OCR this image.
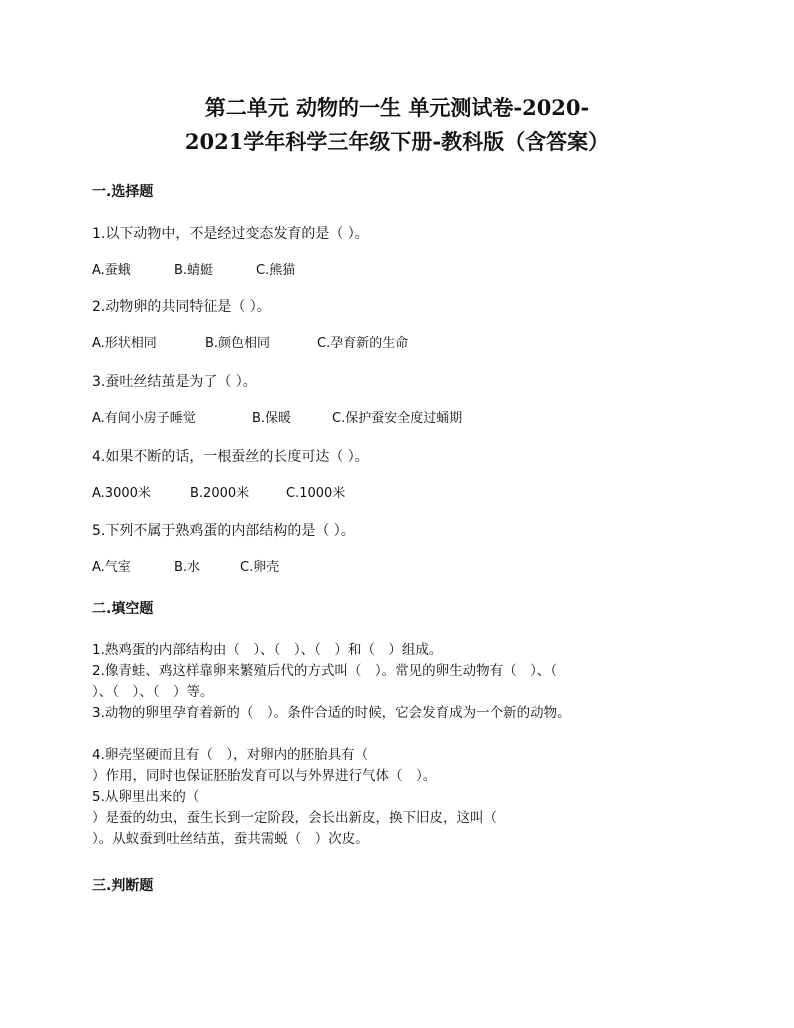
第二单元 动物的一生 单元测试卷-2020-
2021学年科学三年级下册-教科版（含答案）
一.选择题
1.以下动物中，不是经过变态发育的是（ ）。
A.蚕蛾	B.蜻蜓	C.熊猫
2.动物卵的共同特征是（ ）。
A.形状相同	B.颜色相同	C.孕育新的生命
3.蚕吐丝结茧是为了（ ）。
A.有间小房子睡觉	B.保暖	C.保护蚕安全度过蛹期
4.如果不断的话，一根蚕丝的长度可达（ ）。
A.3000米	B.2000米	C.1000米
5.下列不属于熟鸡蛋的内部结构的是（ ）。
A.气室	B.水	C.卵壳
二.填空题

1.熟鸡蛋的内部结构由（　）、（　）、（　）和（　）组成。

2.像青蛙、鸡这样靠卵来繁殖后代的方式叫（　）。常见的卵生动物有（　）、（

）、（　）、（　）等。

3.动物的卵里孕育着新的（　）。条件合适的时候，它会发育成为一个新的动物。

4.卵壳坚硬而且有（　），对卵内的胚胎具有（

）作用，同时也保证胚胎发育可以与外界进行气体（　）。

5.从卵里出来的（

）是蚕的幼虫，蚕生长到一定阶段，会长出新皮，换下旧皮，这叫（

）。从蚁蚕到吐丝结茧，蚕共需蜕（　）次皮。

三.判断题
